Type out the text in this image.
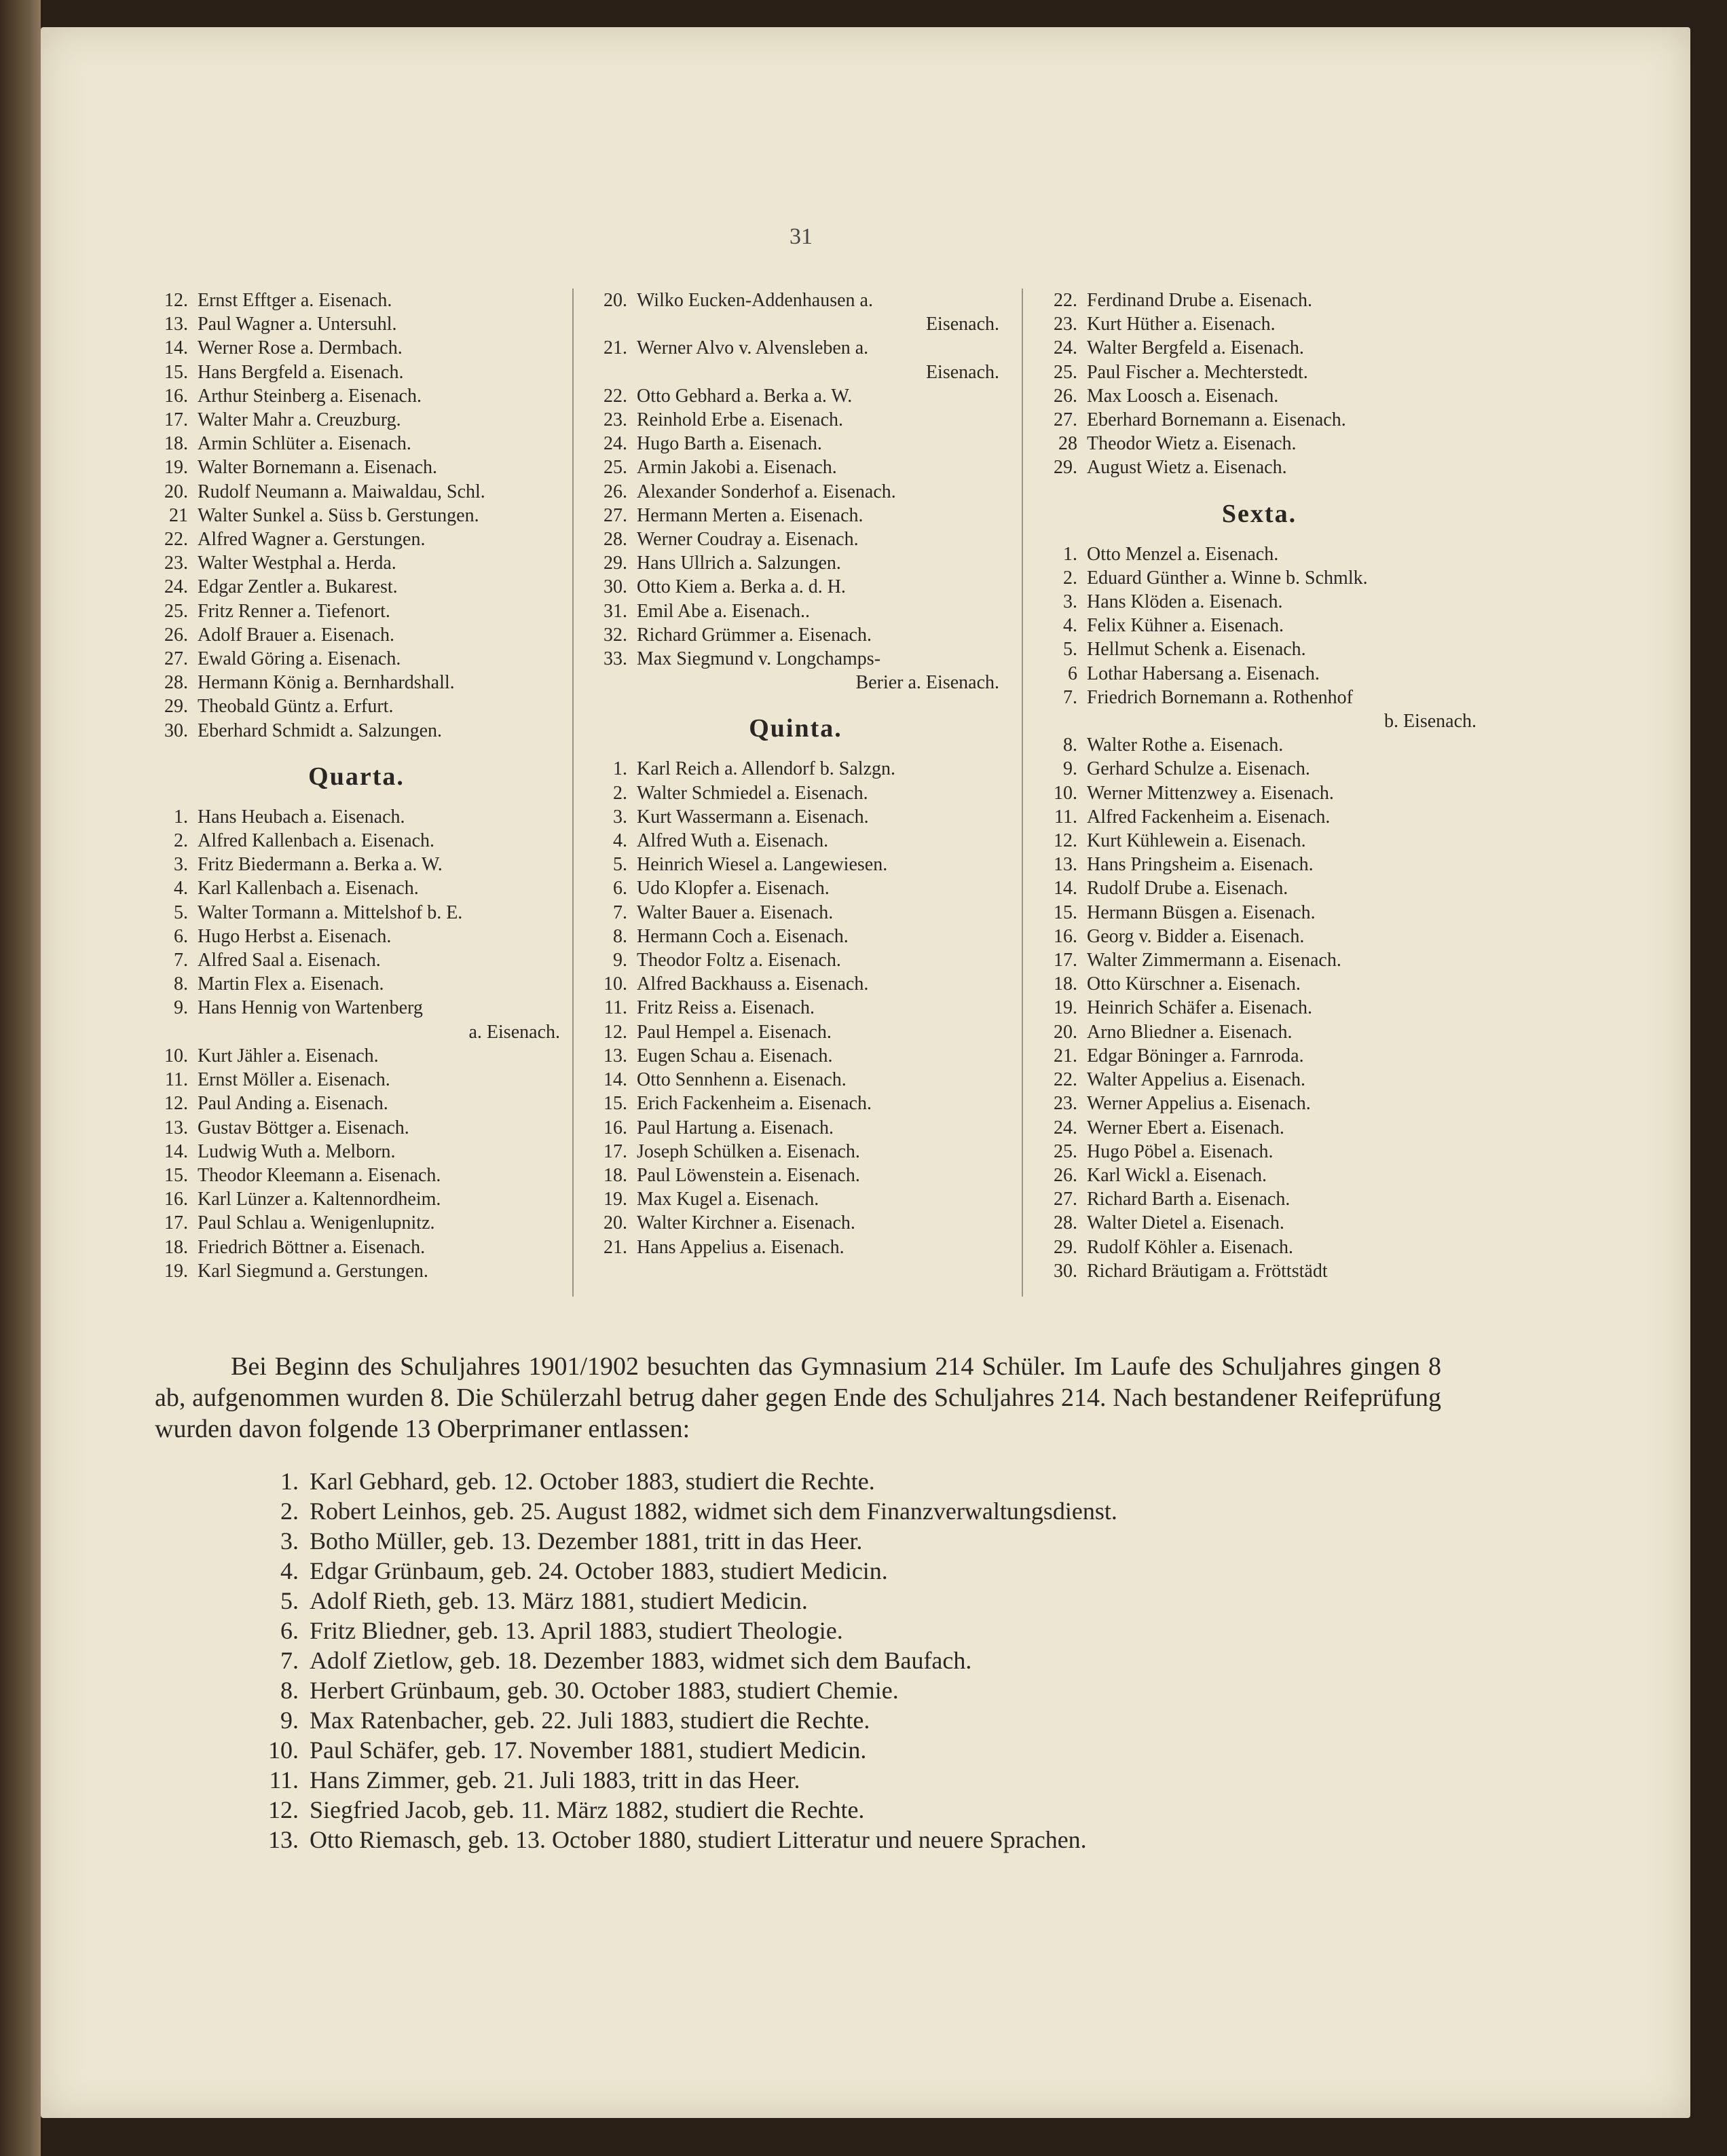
31
12. Ernst Efftger a. Eisenach.
13. Paul Wagner a. Untersuhl.
14. Werner Rose a. Dermbach.
15. Hans Bergfeld a. Eisenach.
16. Arthur Steinberg a. Eisenach.
17. Walter Mahr a. Creuzburg.
18. Armin Schlüter a. Eisenach.
19. Walter Bornemann a. Eisenach.
20. Rudolf Neumann a. Maiwaldau, Schl.
21 Walter Sunkel a. Süss b. Gerstungen.
22. Alfred Wagner a. Gerstungen.
23. Walter Westphal a. Herda.
24. Edgar Zentler a. Bukarest.
25. Fritz Renner a. Tiefenort.
26. Adolf Brauer a. Eisenach.
27. Ewald Göring a. Eisenach.
28. Hermann König a. Bernhardshall.
29. Theobald Güntz a. Erfurt.
30. Eberhard Schmidt a. Salzungen.
Quarta.
1. Hans Heubach a. Eisenach.
2. Alfred Kallenbach a. Eisenach.
3. Fritz Biedermann a. Berka a. W.
4. Karl Kallenbach a. Eisenach.
5. Walter Tormann a. Mittelshof b. E.
6. Hugo Herbst a. Eisenach.
7. Alfred Saal a. Eisenach.
8. Martin Flex a. Eisenach.
9. Hans Hennig von Wartenberg
a. Eisenach.
10. Kurt Jähler a. Eisenach.
11. Ernst Möller a. Eisenach.
12. Paul Anding a. Eisenach.
13. Gustav Böttger a. Eisenach.
14. Ludwig Wuth a. Melborn.
15. Theodor Kleemann a. Eisenach.
16. Karl Lünzer a. Kaltennordheim.
17. Paul Schlau a. Wenigenlupnitz.
18. Friedrich Böttner a. Eisenach.
19. Karl Siegmund a. Gerstungen.
20. Wilko Eucken-Addenhausen a.
Eisenach.
21. Werner Alvo v. Alvensleben a.
Eisenach.
22. Otto Gebhard a. Berka a. W.
23. Reinhold Erbe a. Eisenach.
24. Hugo Barth a. Eisenach.
25. Armin Jakobi a. Eisenach.
26. Alexander Sonderhof a. Eisenach.
27. Hermann Merten a. Eisenach.
28. Werner Coudray a. Eisenach.
29. Hans Ullrich a. Salzungen.
30. Otto Kiem a. Berka a. d. H.
31. Emil Abe a. Eisenach..
32. Richard Grümmer a. Eisenach.
33. Max Siegmund v. Longchamps-
Berier a. Eisenach.
Quinta.
1. Karl Reich a. Allendorf b. Salzgn.
2. Walter Schmiedel a. Eisenach.
3. Kurt Wassermann a. Eisenach.
4. Alfred Wuth a. Eisenach.
5. Heinrich Wiesel a. Langewiesen.
6. Udo Klopfer a. Eisenach.
7. Walter Bauer a. Eisenach.
8. Hermann Coch a. Eisenach.
9. Theodor Foltz a. Eisenach.
10. Alfred Backhauss a. Eisenach.
11. Fritz Reiss a. Eisenach.
12. Paul Hempel a. Eisenach.
13. Eugen Schau a. Eisenach.
14. Otto Sennhenn a. Eisenach.
15. Erich Fackenheim a. Eisenach.
16. Paul Hartung a. Eisenach.
17. Joseph Schülken a. Eisenach.
18. Paul Löwenstein a. Eisenach.
19. Max Kugel a. Eisenach.
20. Walter Kirchner a. Eisenach.
21. Hans Appelius a. Eisenach.
22. Ferdinand Drube a. Eisenach.
23. Kurt Hüther a. Eisenach.
24. Walter Bergfeld a. Eisenach.
25. Paul Fischer a. Mechterstedt.
26. Max Loosch a. Eisenach.
27. Eberhard Bornemann a. Eisenach.
28 Theodor Wietz a. Eisenach.
29. August Wietz a. Eisenach.
Sexta.
1. Otto Menzel a. Eisenach.
2. Eduard Günther a. Winne b. Schmlk.
3. Hans Klöden a. Eisenach.
4. Felix Kühner a. Eisenach.
5. Hellmut Schenk a. Eisenach.
6 Lothar Habersang a. Eisenach.
7. Friedrich Bornemann a. Rothenhof
b. Eisenach.
8. Walter Rothe a. Eisenach.
9. Gerhard Schulze a. Eisenach.
10. Werner Mittenzwey a. Eisenach.
11. Alfred Fackenheim a. Eisenach.
12. Kurt Kühlewein a. Eisenach.
13. Hans Pringsheim a. Eisenach.
14. Rudolf Drube a. Eisenach.
15. Hermann Büsgen a. Eisenach.
16. Georg v. Bidder a. Eisenach.
17. Walter Zimmermann a. Eisenach.
18. Otto Kürschner a. Eisenach.
19. Heinrich Schäfer a. Eisenach.
20. Arno Bliedner a. Eisenach.
21. Edgar Böninger a. Farnroda.
22. Walter Appelius a. Eisenach.
23. Werner Appelius a. Eisenach.
24. Werner Ebert a. Eisenach.
25. Hugo Pöbel a. Eisenach.
26. Karl Wickl a. Eisenach.
27. Richard Barth a. Eisenach.
28. Walter Dietel a. Eisenach.
29. Rudolf Köhler a. Eisenach.
30. Richard Bräutigam a. Fröttstädt
Bei Beginn des Schuljahres 1901/1902 besuchten das Gymnasium 214 Schüler. Im Laufe des Schuljahres gingen 8 ab, aufgenommen wurden 8. Die Schülerzahl betrug daher gegen Ende des Schuljahres 214. Nach bestandener Reifeprüfung wurden davon folgende 13 Oberprimaner entlassen:
1. Karl Gebhard, geb. 12. October 1883, studiert die Rechte.
2. Robert Leinhos, geb. 25. August 1882, widmet sich dem Finanzverwaltungsdienst.
3. Botho Müller, geb. 13. Dezember 1881, tritt in das Heer.
4. Edgar Grünbaum, geb. 24. October 1883, studiert Medicin.
5. Adolf Rieth, geb. 13. März 1881, studiert Medicin.
6. Fritz Bliedner, geb. 13. April 1883, studiert Theologie.
7. Adolf Zietlow, geb. 18. Dezember 1883, widmet sich dem Baufach.
8. Herbert Grünbaum, geb. 30. October 1883, studiert Chemie.
9. Max Ratenbacher, geb. 22. Juli 1883, studiert die Rechte.
10. Paul Schäfer, geb. 17. November 1881, studiert Medicin.
11. Hans Zimmer, geb. 21. Juli 1883, tritt in das Heer.
12. Siegfried Jacob, geb. 11. März 1882, studiert die Rechte.
13. Otto Riemasch, geb. 13. October 1880, studiert Litteratur und neuere Sprachen.
